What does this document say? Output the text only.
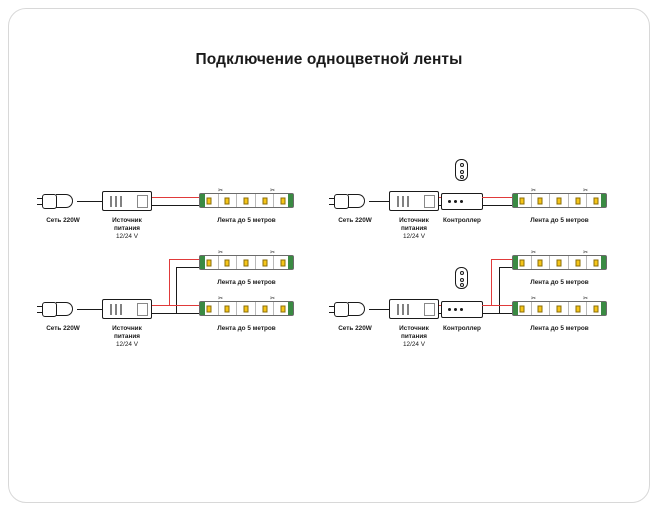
Подключение одноцветной ленты
✂	✂
Сеть 220W	Источник
питания
12/24 V
Лента до 5 метров
✂	✂
Сеть 220W	Источник
питания
12/24 V
Контроллер	Лента до 5 метров
✂	✂
✂	✂
Сеть 220W	Источник
питания
12/24 V
Лента до 5 метров
Лента до 5 метров
✂	✂
✂	✂
Сеть 220W	Источник
питания
12/24 V
Контроллер
Лента до 5 метров
Лента до 5 метров
